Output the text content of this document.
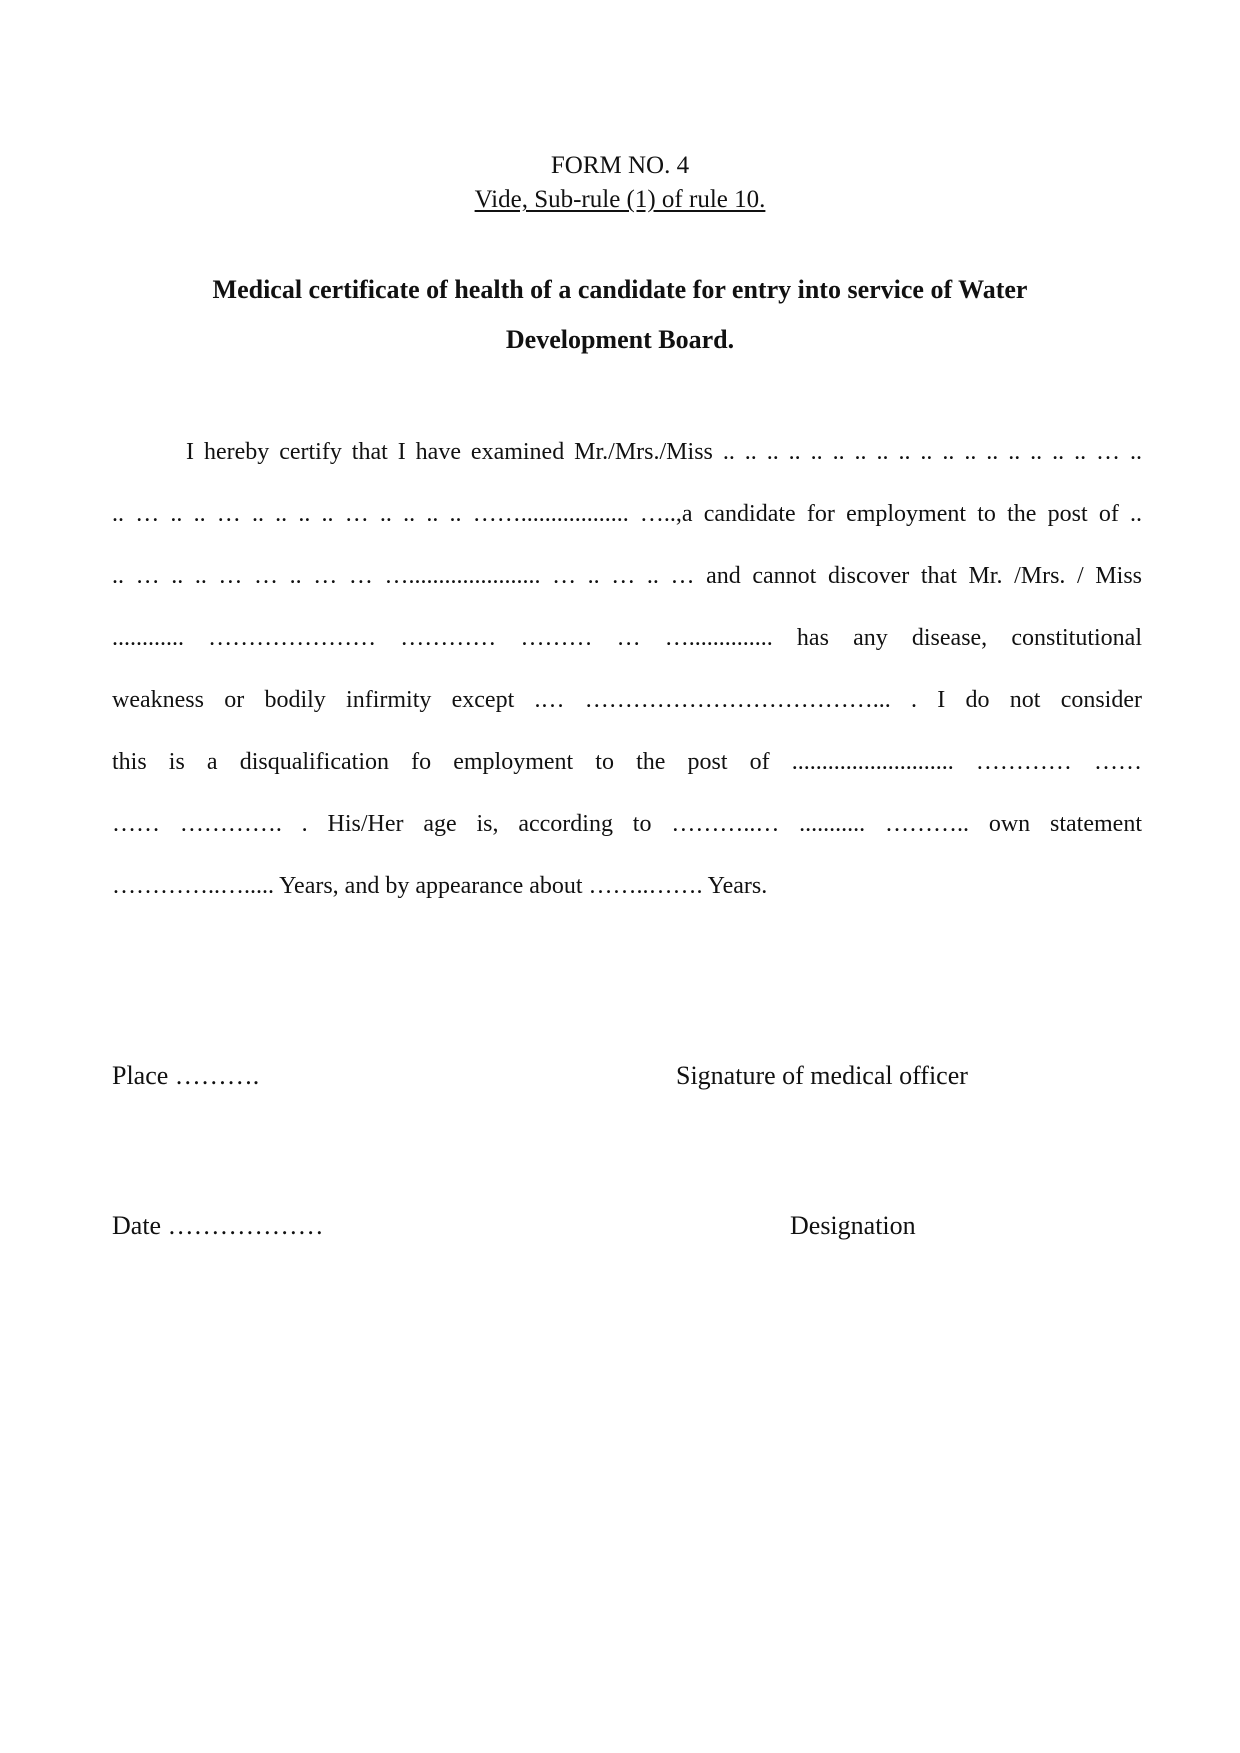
FORM NO. 4
Vide, Sub-rule (1) of rule 10.
Medical certificate of health of a candidate for entry into service of Water
Development Board.
I hereby certify that I have examined Mr./Mrs./Miss .. .. .. .. .. .. .. .. .. .. .. .. .. .. .. .. .. … ..
.. … .. .. … .. .. .. .. … .. .. .. .. …….................. …..,a candidate for employment to the post of ..
.. … .. .. … … .. … … …...................... … .. … .. … and cannot discover that Mr. /Mrs. / Miss
............ ………………… ………… ……… … ….............. has any disease, constitutional
weakness or bodily infirmity except .… ………………………………... . I do not consider
this is a disqualification fo employment to the post of ........................... ………… ……
…… …………. . His/Her age is, according to ………..… ........... ……….. own statement
…………..…..... Years, and by appearance about ……..……. Years.
Place ……….	Signature of medical officer
Date ………………	Designation
